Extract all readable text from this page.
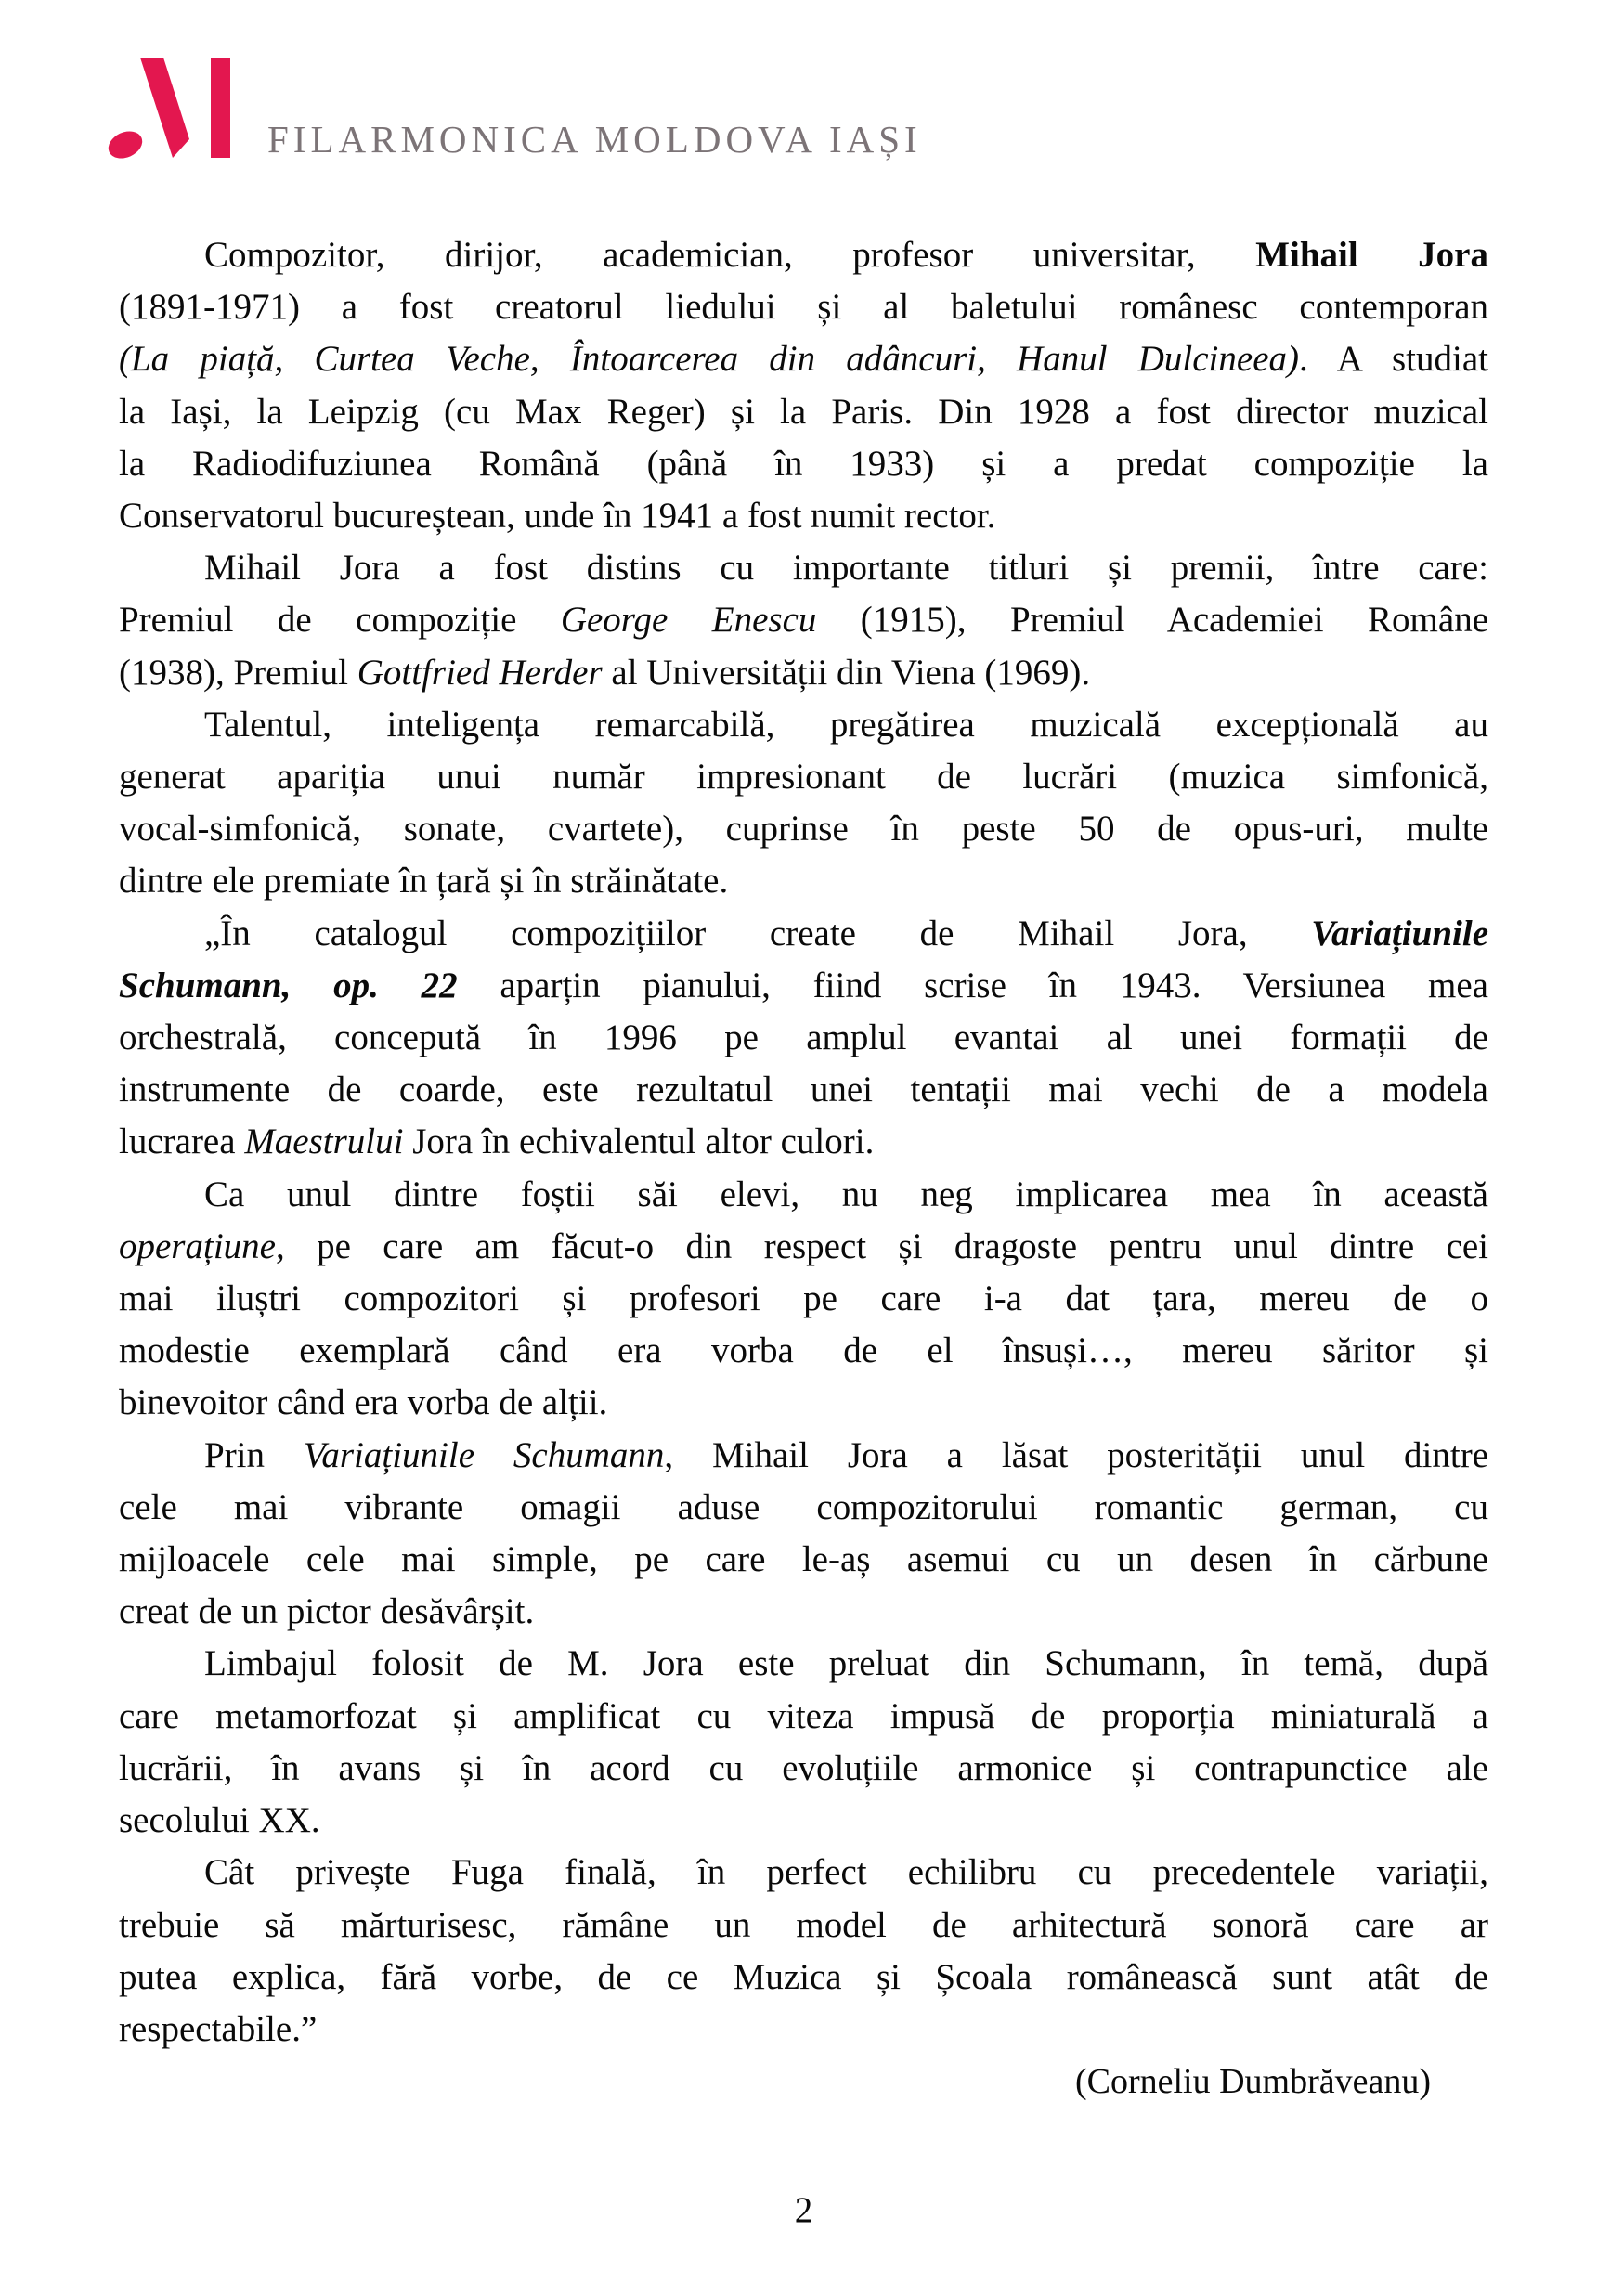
FILARMONICA MOLDOVA IAȘI
Compozitor, dirijor, academician, profesor universitar, Mihail Jora
(1891-1971) a fost creatorul liedului și al baletului românesc contemporan
(La piață, Curtea Veche, Întoarcerea din adâncuri, Hanul Dulcineea). A studiat
la Iași, la Leipzig (cu Max Reger) și la Paris. Din 1928 a fost director muzical
la Radiodifuziunea Română (până în 1933) și a predat compoziție la
Conservatorul bucureștean, unde în 1941 a fost numit rector.
Mihail Jora a fost distins cu importante titluri și premii, între care:
Premiul de compoziție George Enescu (1915), Premiul Academiei Române
(1938), Premiul Gottfried Herder al Universității din Viena (1969).
Talentul, inteligența remarcabilă, pregătirea muzicală excepțională au
generat apariția unui număr impresionant de lucrări (muzica simfonică,
vocal-simfonică, sonate, cvartete), cuprinse în peste 50 de opus-uri, multe
dintre ele premiate în țară și în străinătate.
„În catalogul compozițiilor create de Mihail Jora, Variațiunile
Schumann, op. 22 aparțin pianului, fiind scrise în 1943. Versiunea mea
orchestrală, concepută în 1996 pe amplul evantai al unei formații de
instrumente de coarde, este rezultatul unei tentații mai vechi de a modela
lucrarea Maestrului Jora în echivalentul altor culori.
Ca unul dintre foștii săi elevi, nu neg implicarea mea în această
operațiune, pe care am făcut-o din respect și dragoste pentru unul dintre cei
mai iluștri compozitori și profesori pe care i-a dat țara, mereu de o
modestie exemplară când era vorba de el însuși…, mereu săritor și
binevoitor când era vorba de alții.
Prin Variațiunile Schumann, Mihail Jora a lăsat posterității unul dintre
cele mai vibrante omagii aduse compozitorului romantic german, cu
mijloacele cele mai simple, pe care le-aș asemui cu un desen în cărbune
creat de un pictor desăvârșit.
Limbajul folosit de M. Jora este preluat din Schumann, în temă, după
care metamorfozat și amplificat cu viteza impusă de proporția miniaturală a
lucrării, în avans și în acord cu evoluțiile armonice și contrapunctice ale
secolului XX.
Cât privește Fuga finală, în perfect echilibru cu precedentele variații,
trebuie să mărturisesc, rămâne un model de arhitectură sonoră care ar
putea explica, fără vorbe, de ce Muzica și Școala românească sunt atât de
respectabile.”
(Corneliu Dumbrăveanu)
2
